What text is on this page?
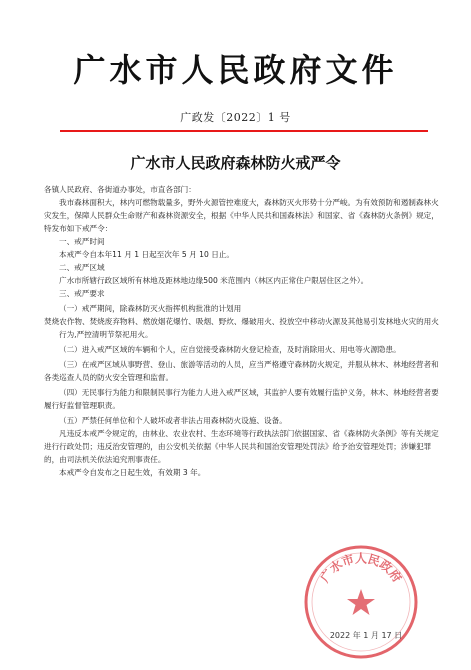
广水市人民政府文件
广政发〔2022〕1 号
广水市人民政府森林防火戒严令

各镇人民政府、各街道办事处，市直各部门：

我市森林面积大，林内可燃物载量多，野外火源管控难度大，森林防灭火形势十分严峻。为有效预防和遏制森林火灾发生，保障人民群众生命财产和森林资源安全，根据《中华人民共和国森林法》和国家、省《森林防火条例》规定，特发布如下戒严令：

一、戒严时间

本戒严令自本年11 月 1 日起至次年 5 月 10 日止。

二、戒严区域

广水市所辖行政区域所有林地及距林地边缘500 米范围内（林区内正常住户限居住区之外）。

三、戒严要求

（一）戒严期间，除森林防灭火指挥机构批准的计划用

焚烧农作物、焚烧废弃物料、燃放烟花爆竹、吸烟、野炊、爆破用火、投放空中移动火源及其他易引发林地火灾的用火

行为,严控清明节祭祀用火。

（二）进入戒严区域的车辆和个人，应自觉接受森林防火登记检查，及时消除用火、用电等火源隐患。

（三）在戒严区域从事野营、登山、旅游等活动的人员，应当严格遵守森林防火规定，并服从林木、林地经营者和各类巡查人员的防火安全管理和监督。

（四）无民事行为能力和限制民事行为能力人进入戒严区域，其监护人要有效履行监护义务，林木、林地经营者要履行好监督管理职责。

（五）严禁任何单位和个人破坏或者非法占用森林防火设施、设备。

凡违反本戒严令规定的，由林业、农业农村、生态环境等行政执法部门依据国家、省《森林防火条例》等有关规定进行行政处罚；违反治安管理的，由公安机关依据《中华人民共和国治安管理处罚法》给予治安管理处罚；涉嫌犯罪的，由司法机关依法追究刑事责任。

本戒严令自发布之日起生效，有效期 3 年。

广水市人民政府
2022 年 1 月 17 日
